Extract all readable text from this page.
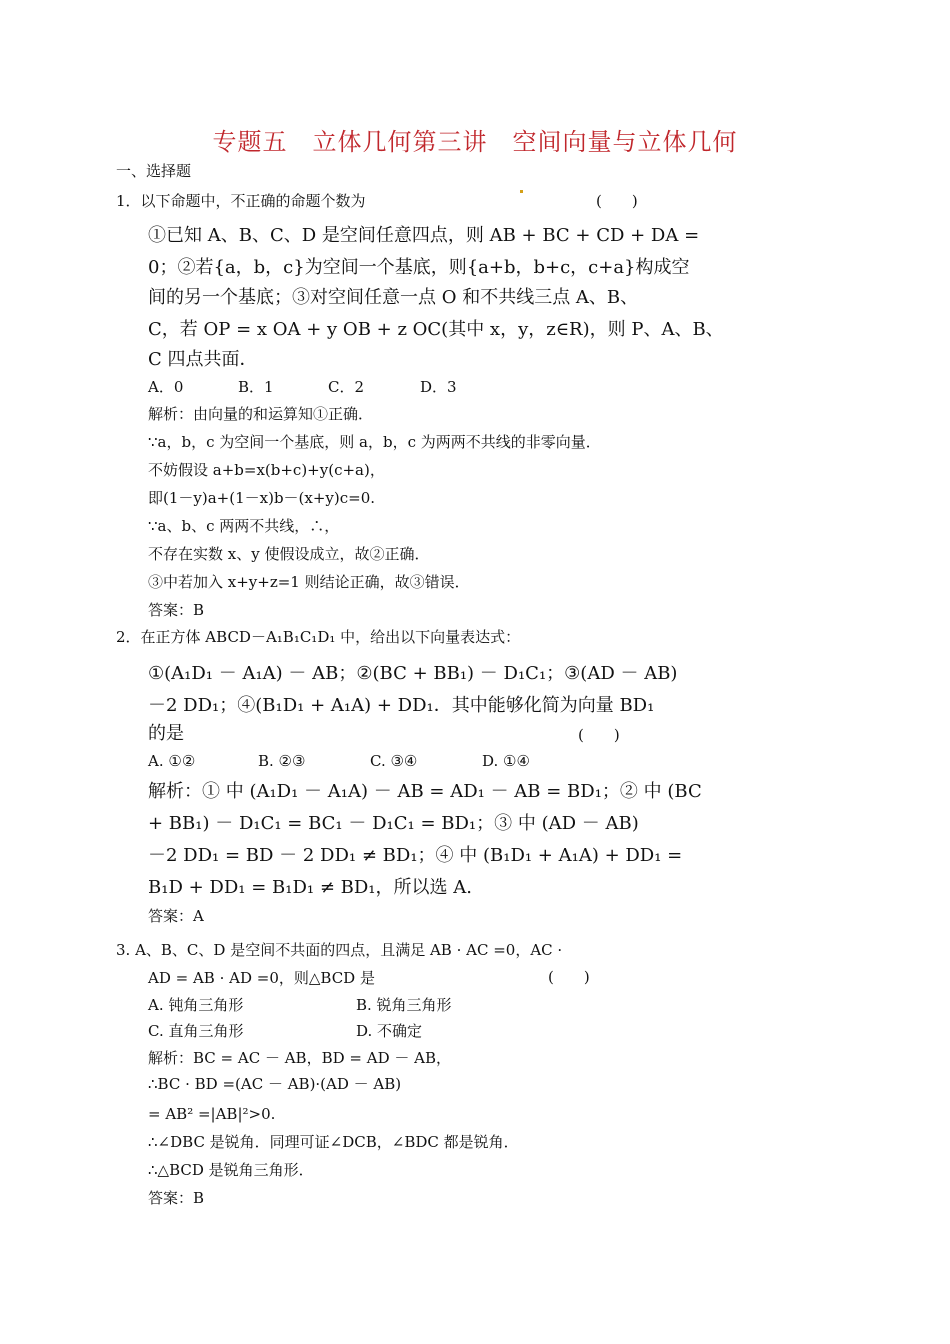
专题五　立体几何第三讲　空间向量与立体几何
一、选择题
1．以下命题中，不正确的命题个数为	(　　)
①已知 A、B、C、D 是空间任意四点，则 AB + BC + CD + DA =
0；②若{a，b，c}为空间一个基底，则{a+b，b+c，c+a}构成空
间的另一个基底；③对空间任意一点 O 和不共线三点 A、B、
C，若 OP = x OA + y OB + z OC(其中 x，y，z∈R)，则 P、A、B、
C 四点共面．
A．0	B．1	C．2	D．3
解析：由向量的和运算知①正确．
∵a，b，c 为空间一个基底，则 a，b，c 为两两不共线的非零向量．
不妨假设 a+b=x(b+c)+y(c+a)，
即(1－y)a+(1－x)b－(x+y)c=0.
∵a、b、c 两两不共线，∴，
不存在实数 x、y 使假设成立，故②正确．
③中若加入 x+y+z=1 则结论正确，故③错误．
答案：B
2．在正方体 ABCD－A₁B₁C₁D₁ 中，给出以下向量表达式：
①(A₁D₁ － A₁A) － AB；②(BC + BB₁) － D₁C₁；③(AD － AB)
－2 DD₁；④(B₁D₁ + A₁A) + DD₁．其中能够化简为向量 BD₁
的是	(　　)
A. ①②	B. ②③	C. ③④	D. ①④
解析：① 中 (A₁D₁ － A₁A) － AB = AD₁ － AB = BD₁；② 中 (BC
+ BB₁) － D₁C₁ = BC₁ － D₁C₁ = BD₁；③ 中 (AD － AB)
－2 DD₁ = BD － 2 DD₁ ≠ BD₁；④ 中 (B₁D₁ + A₁A) + DD₁ =
B₁D + DD₁ = B₁D₁ ≠ BD₁，所以选 A.
答案：A
3. A、B、C、D 是空间不共面的四点，且满足 AB · AC =0，AC ·
AD = AB · AD =0，则△BCD 是	(　　)
A. 钝角三角形	B. 锐角三角形
C. 直角三角形	D. 不确定
解析：BC = AC － AB，BD = AD － AB，
∴BC · BD =(AC － AB)·(AD － AB)
= AB² =|AB|²>0.
∴∠DBC 是锐角．同理可证∠DCB，∠BDC 都是锐角．
∴△BCD 是锐角三角形．
答案：B
